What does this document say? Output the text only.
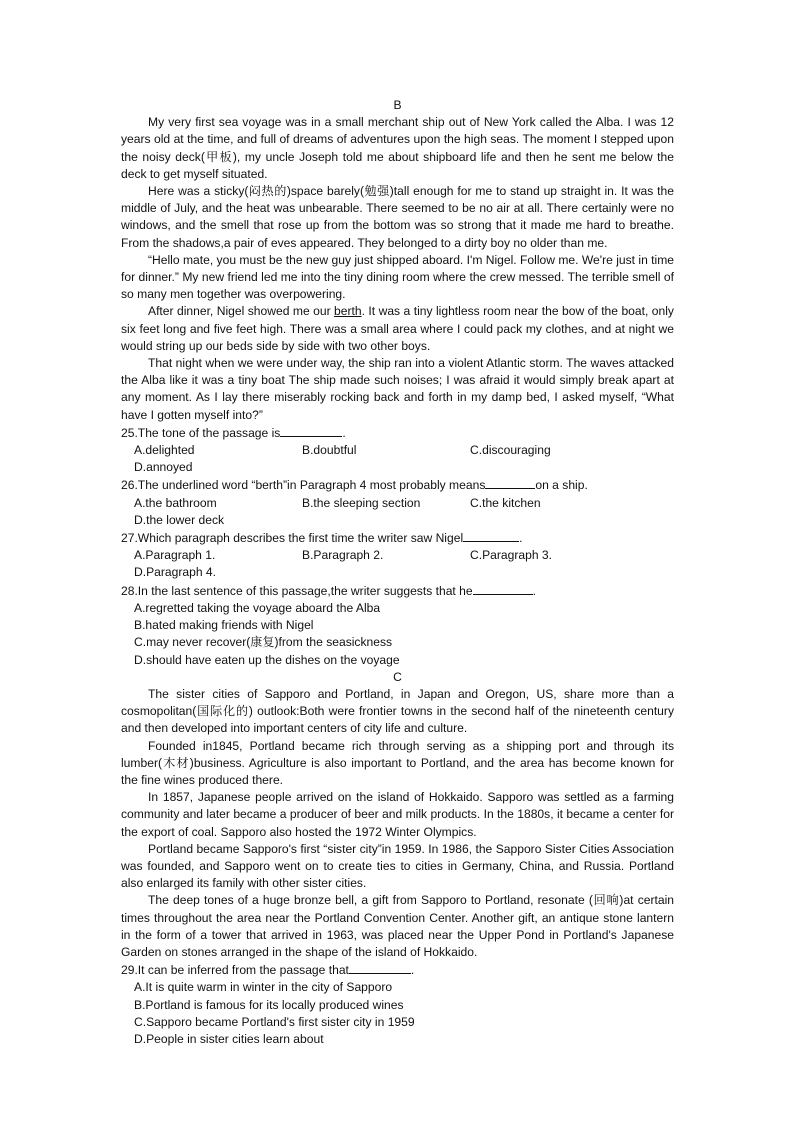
B

My very first sea voyage was in a small merchant ship out of New York called the Alba. I was 12 years old at the time, and full of dreams of adventures upon the high seas. The moment I stepped upon the noisy deck(甲板), my uncle Joseph told me about shipboard life and then he sent me below the deck to get myself situated.

Here was a sticky(闷热的)space barely(勉强)tall enough for me to stand up straight in. It was the middle of July, and the heat was unbearable. There seemed to be no air at all. There certainly were no windows, and the smell that rose up from the bottom was so strong that it made me hard to breathe. From the shadows,a pair of eves appeared. They belonged to a dirty boy no older than me.

“Hello mate, you must be the new guy just shipped aboard. I'm Nigel. Follow me. We're just in time for dinner.” My new friend led me into the tiny dining room where the crew messed. The terrible smell of so many men together was overpowering.

After dinner, Nigel showed me our berth. It was a tiny lightless room near the bow of the boat, only six feet long and five feet high. There was a small area where I could pack my clothes, and at night we would string up our beds side by side with two other boys.

That night when we were under way, the ship ran into a violent Atlantic storm. The waves attacked the Alba like it was a tiny boat The ship made such noises; I was afraid it would simply break apart at any moment. As I lay there miserably rocking back and forth in my damp bed, I asked myself, “What have I gotten myself into?”

25.The tone of the passage is	.

A.delighted	B.doubtful	C.discouraging
D.annoyed

26.The underlined word “berth”in Paragraph 4 most probably means	on a ship.

A.the bathroom	B.the sleeping section	C.the kitchen
D.the lower deck

27.Which paragraph describes the first time the writer saw Nigel	.

A.Paragraph 1.	B.Paragraph 2.	C.Paragraph 3.
D.Paragraph 4.

28.In the last sentence of this passage,the writer suggests that he	.

A.regretted taking the voyage aboard the Alba
B.hated making friends with Nigel
C.may never recover(康复)from the seasickness
D.should have eaten up the dishes on the voyage
C

The sister cities of Sapporo and Portland, in Japan and Oregon, US, share more than a cosmopolitan(国际化的) outlook:Both were frontier towns in the second half of the nineteenth century and then developed into important centers of city life and culture.

Founded in1845, Portland became rich through serving as a shipping port and through its lumber(木材)business. Agriculture is also important to Portland, and the area has become known for the fine wines produced there.

In 1857, Japanese people arrived on the island of Hokkaido. Sapporo was settled as a farming community and later became a producer of beer and milk products. In the 1880s, it became a center for the export of coal. Sapporo also hosted the 1972 Winter Olympics.

Portland became Sapporo's first “sister city”in 1959. In 1986, the Sapporo Sister Cities Association was founded, and Sapporo went on to create ties to cities in Germany, China, and Russia. Portland also enlarged its family with other sister cities.

The deep tones of a huge bronze bell, a gift from Sapporo to Portland, resonate (回响)at certain times throughout the area near the Portland Convention Center. Another gift, an antique stone lantern in the form of a tower that arrived in 1963, was placed near the Upper Pond in Portland's Japanese Garden on stones arranged in the shape of the island of Hokkaido.

29.It can be inferred from the passage that	.

A.It is quite warm in winter in the city of Sapporo
B.Portland is famous for its locally produced wines
C.Sapporo became Portland's first sister city in 1959
D.People in sister cities learn about
